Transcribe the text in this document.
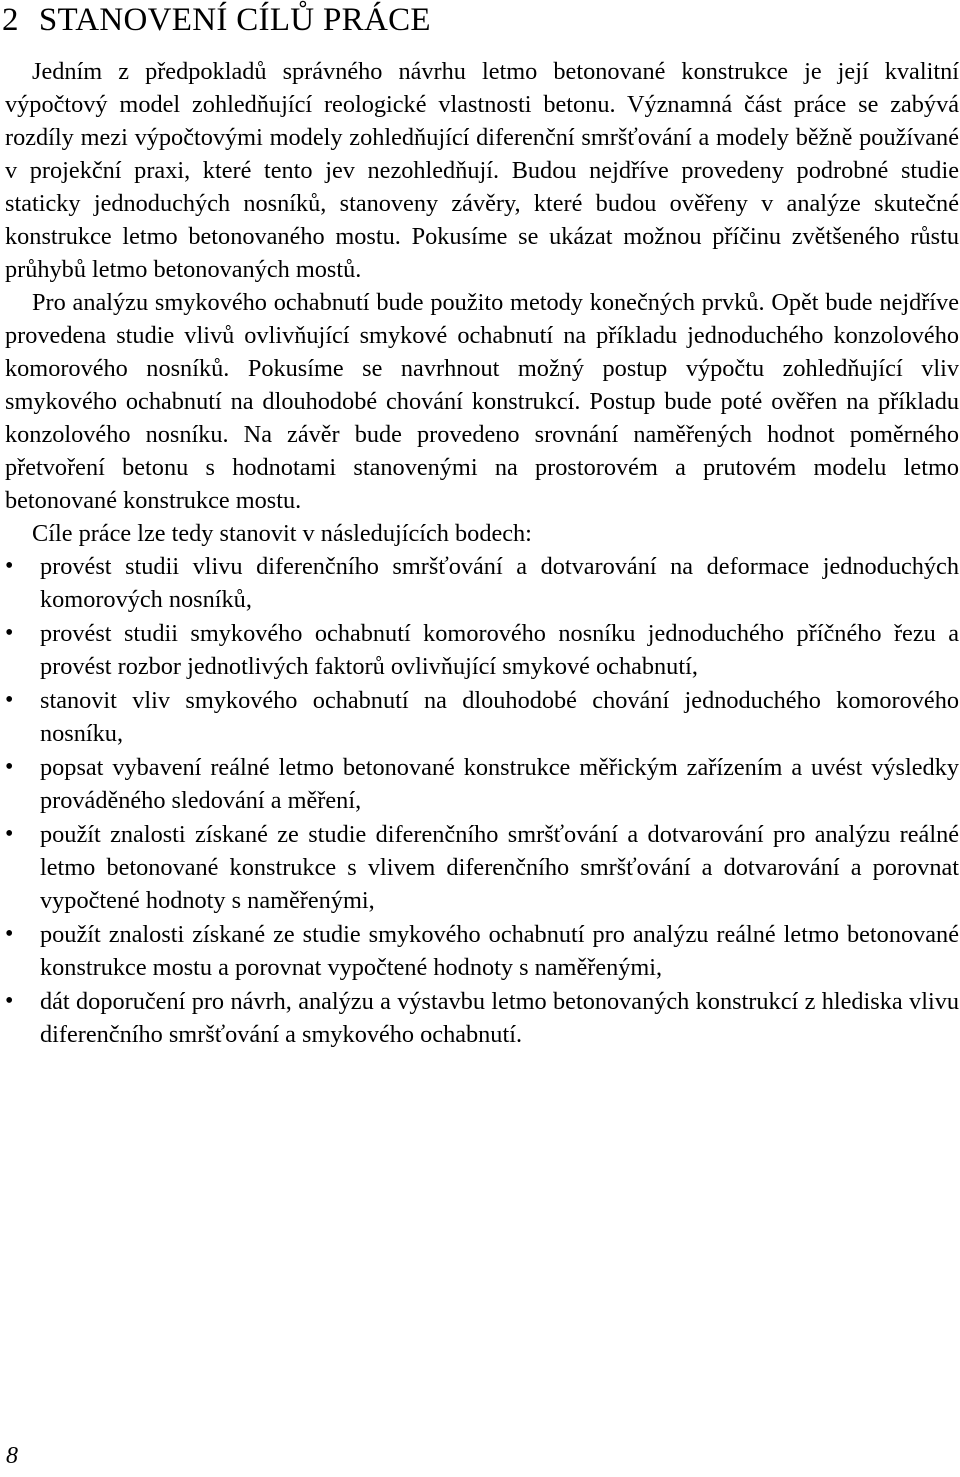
2 STANOVENÍ CÍLŮ PRÁCE

Jedním z předpokladů správného návrhu letmo betonované konstrukce je její kvalitní výpočtový model zohledňující reologické vlastnosti betonu. Významná část práce se zabývá rozdíly mezi výpočtovými modely zohledňující diferenční smršťování a modely běžně používané v projekční praxi, které tento jev nezohledňují. Budou nejdříve provedeny podrobné studie staticky jednoduchých nosníků, stanoveny závěry, které budou ověřeny v analýze skutečné konstrukce letmo betonovaného mostu. Pokusíme se ukázat možnou příčinu zvětšeného růstu průhybů letmo betonovaných mostů.

Pro analýzu smykového ochabnutí bude použito metody konečných prvků. Opět bude nejdříve provedena studie vlivů ovlivňující smykové ochabnutí na příkladu jednoduchého konzolového komorového nosníků. Pokusíme se navrhnout možný postup výpočtu zohledňující vliv smykového ochabnutí na dlouhodobé chování konstrukcí. Postup bude poté ověřen na příkladu konzolového nosníku. Na závěr bude provedeno srovnání naměřených hodnot poměrného přetvoření betonu s hodnotami stanovenými na prostorovém a prutovém modelu letmo betonované konstrukce mostu.

Cíle práce lze tedy stanovit v následujících bodech:

• provést studii vlivu diferenčního smršťování a dotvarování na deformace jednoduchých komorových nosníků,
• provést studii smykového ochabnutí komorového nosníku jednoduchého příčného řezu a provést rozbor jednotlivých faktorů ovlivňující smykové ochabnutí,
• stanovit vliv smykového ochabnutí na dlouhodobé chování jednoduchého komorového nosníku,
• popsat vybavení reálné letmo betonované konstrukce měřickým zařízením a uvést výsledky prováděného sledování a měření,
• použít znalosti získané ze studie diferenčního smršťování a dotvarování pro analýzu reálné letmo betonované konstrukce s vlivem diferenčního smršťování a dotvarování a porovnat vypočtené hodnoty s naměřenými,
• použít znalosti získané ze studie smykového ochabnutí pro analýzu reálné letmo betonované konstrukce mostu a porovnat vypočtené hodnoty s naměřenými,
• dát doporučení pro návrh, analýzu a výstavbu letmo betonovaných konstrukcí z hlediska vlivu diferenčního smršťování a smykového ochabnutí.
8
